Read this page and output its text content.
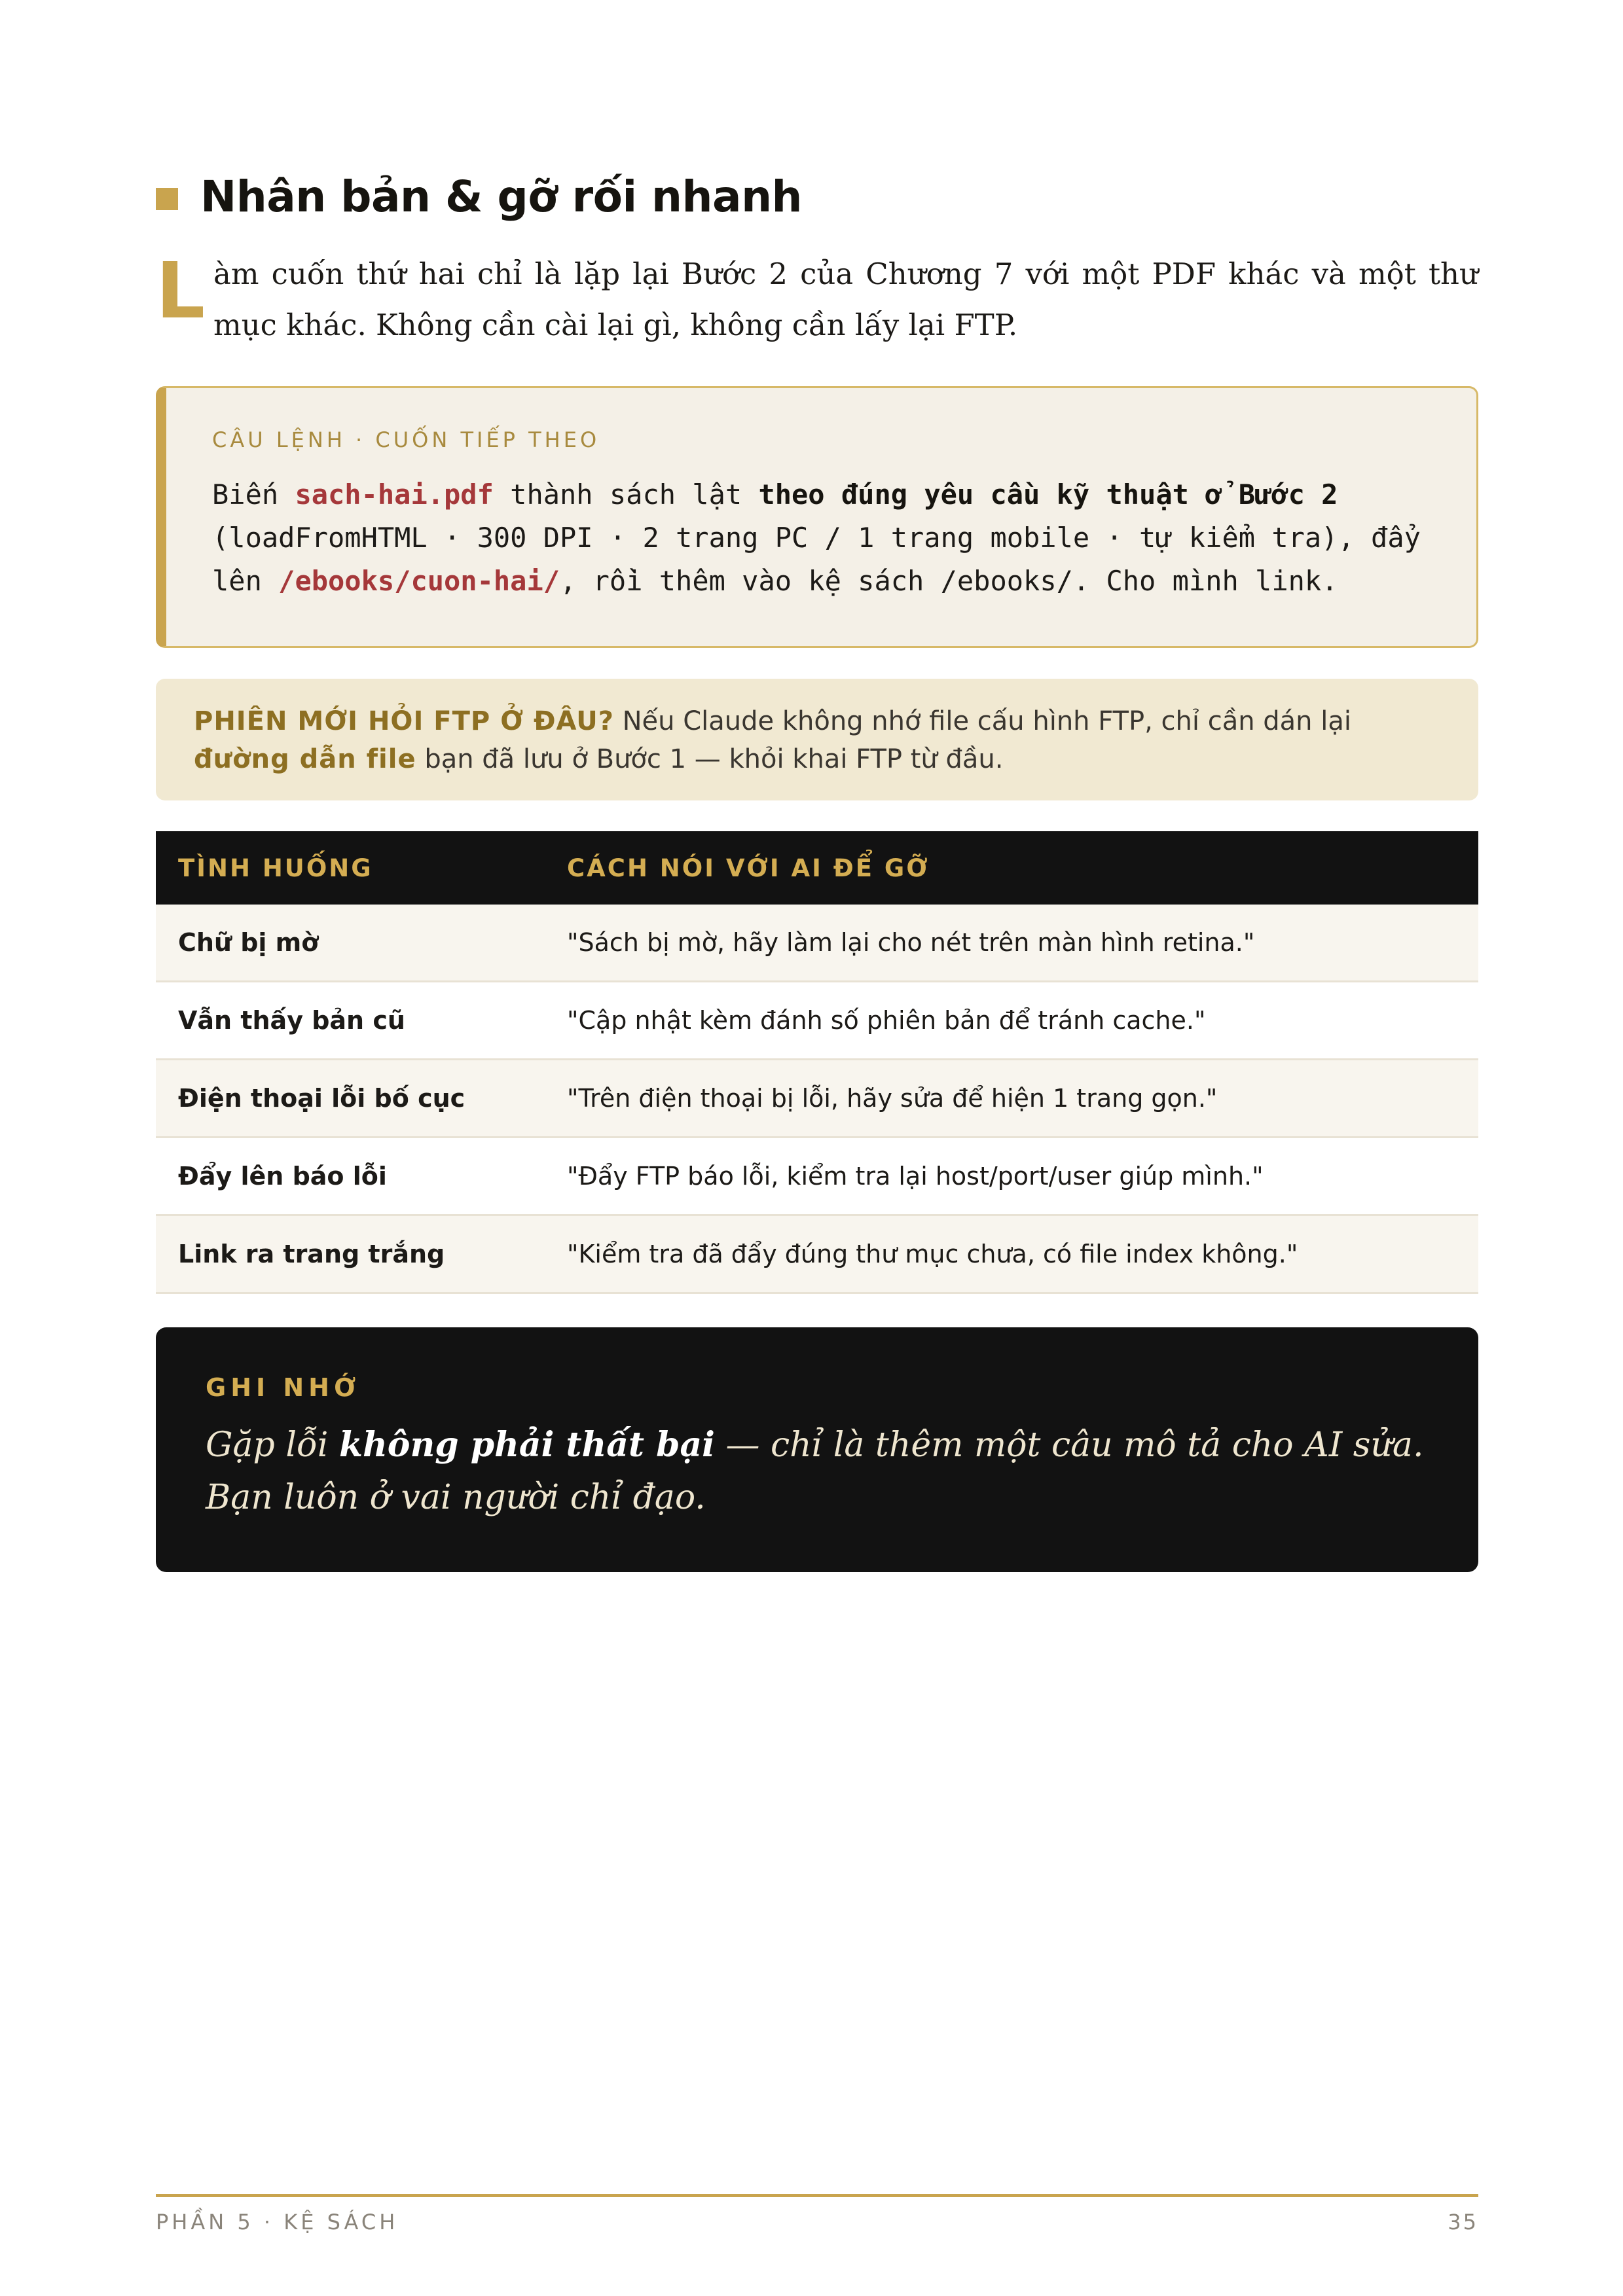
Nhân bản & gỡ rối nhanh
L àm cuốn thứ hai chỉ là lặp lại Bước 2 của Chương 7 với một PDF khác và một thư mục khác. Không cần cài lại gì, không cần lấy lại FTP.

CÂU LỆNH · CUỐN TIẾP THEO
Biến sach-hai.pdf thành sách lật theo đúng yêu cầu kỹ thuật ở Bước 2 (loadFromHTML · 300 DPI · 2 trang PC / 1 trang mobile · tự kiểm tra), đẩy lên /ebooks/cuon-hai/, rồi thêm vào kệ sách /ebooks/. Cho mình link.

PHIÊN MỚI HỎI FTP Ở ĐÂU? Nếu Claude không nhớ file cấu hình FTP, chỉ cần dán lại đường dẫn file bạn đã lưu ở Bước 1 — khỏi khai FTP từ đầu.

TÌNH HUỐNG	CÁCH NÓI VỚI AI ĐỂ GỠ
Chữ bị mờ	"Sách bị mờ, hãy làm lại cho nét trên màn hình retina."
Vẫn thấy bản cũ	"Cập nhật kèm đánh số phiên bản để tránh cache."
Điện thoại lỗi bố cục	"Trên điện thoại bị lỗi, hãy sửa để hiện 1 trang gọn."
Đẩy lên báo lỗi	"Đẩy FTP báo lỗi, kiểm tra lại host/port/user giúp mình."
Link ra trang trắng	"Kiểm tra đã đẩy đúng thư mục chưa, có file index không."
GHI NHỚ
Gặp lỗi không phải thất bại — chỉ là thêm một câu mô tả cho AI sửa. Bạn luôn ở vai người chỉ đạo.
PHẦN 5 · KỆ SÁCH	35
